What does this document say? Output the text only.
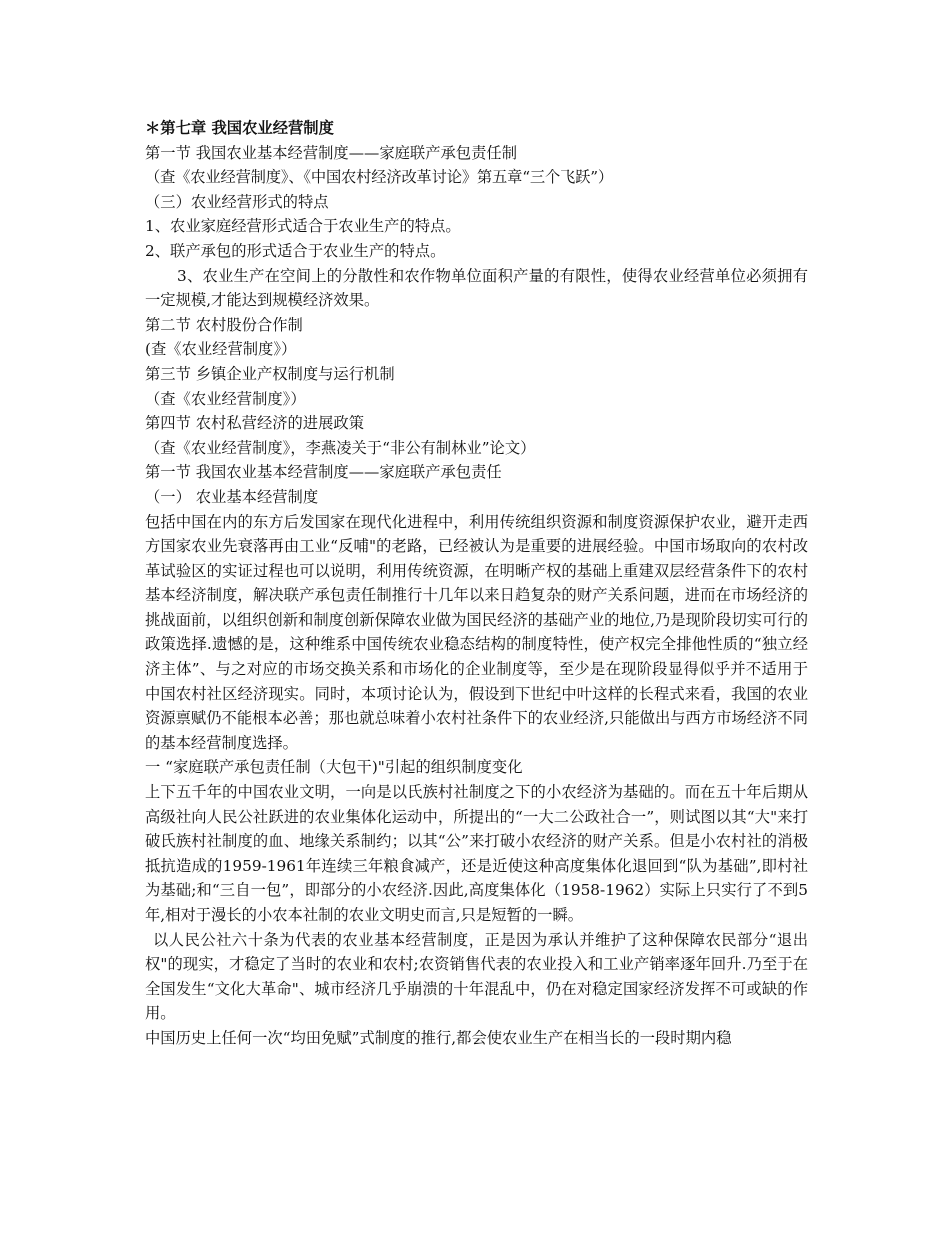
＊第七章 我国农业经营制度

第一节 我国农业基本经营制度——家庭联产承包责任制

（查《农业经营制度》、《中国农村经济改革讨论》第五章“三个飞跃”）

（三）农业经营形式的特点

1、农业家庭经营形式适合于农业生产的特点。

2、联产承包的形式适合于农业生产的特点。

3、农业生产在空间上的分散性和农作物单位面积产量的有限性，使得农业经营单位必须拥有一定规模,才能达到规模经济效果。

第二节 农村股份合作制

(查《农业经营制度》）

第三节 乡镇企业产权制度与运行机制

（查《农业经营制度》）

第四节 农村私营经济的进展政策

（查《农业经营制度》，李燕凌关于“非公有制林业”论文）

第一节 我国农业基本经营制度——家庭联产承包责任

（一） 农业基本经营制度

包括中国在内的东方后发国家在现代化进程中，利用传统组织资源和制度资源保护农业，避开走西方国家农业先衰落再由工业“反哺"的老路，已经被认为是重要的进展经验。中国市场取向的农村改革试验区的实证过程也可以说明，利用传统资源，在明晰产权的基础上重建双层经营条件下的农村基本经济制度，解决联产承包责任制推行十几年以来日趋复杂的财产关系问题，进而在市场经济的挑战面前，以组织创新和制度创新保障农业做为国民经济的基础产业的地位,乃是现阶段切实可行的政策选择.遗憾的是，这种维系中国传统农业稳态结构的制度特性，使产权完全排他性质的“独立经济主体”、与之对应的市场交换关系和市场化的企业制度等，至少是在现阶段显得似乎并不适用于中国农村社区经济现实。同时，本项讨论认为，假设到下世纪中叶这样的长程式来看，我国的农业资源禀赋仍不能根本必善；那也就总味着小农村社条件下的农业经济,只能做出与西方市场经济不同的基本经营制度选择。

一 “家庭联产承包责任制（大包干)"引起的组织制度变化

上下五千年的中国农业文明，一向是以氏族村社制度之下的小农经济为基础的。而在五十年后期从高级社向人民公社跃进的农业集体化运动中，所提出的“一大二公政社合一”，则试图以其“大"来打破氏族村社制度的血、地缘关系制约；以其“公”来打破小农经济的财产关系。但是小农村社的消极抵抗造成的1959-1961年连续三年粮食减产，还是近使这种高度集体化退回到“队为基础”,即村社为基础;和“三自一包”，即部分的小农经济.因此,高度集体化（1958-1962）实际上只实行了不到5年,相对于漫长的小农本社制的农业文明史而言,只是短暂的一瞬。

以人民公社六十条为代表的农业基本经营制度，正是因为承认并维护了这种保障农民部分“退出权"的现实，才稳定了当时的农业和农村;农资销售代表的农业投入和工业产销率逐年回升.乃至于在全国发生“文化大革命"、城市经济几乎崩溃的十年混乱中，仍在对稳定国家经济发挥不可或缺的作用。

中国历史上任何一次“均田免赋”式制度的推行,都会使农业生产在相当长的一段时期内稳
